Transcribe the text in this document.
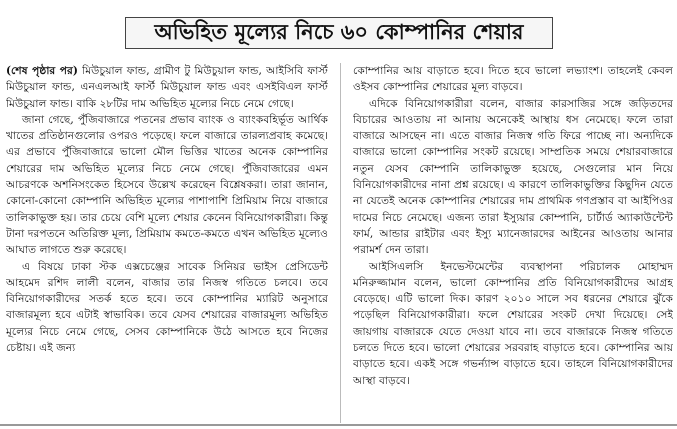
অভিহিত মূল্যের নিচে ৬০ কোম্পানির শেয়ার

(শেষ পৃষ্ঠার পর) মিউচুয়াল ফান্ড, গ্রামীণ টু মিউচুয়াল ফান্ড, আইসিবি ফার্স্ট মিউচুয়াল ফান্ড, এনএলআই ফার্স্ট মিউচুয়াল ফান্ড এবং এসইবিএল ফার্স্ট মিউচুয়াল ফান্ড। বাকি ২৮টির দাম অভিহিত মূল্যের নিচে নেমে গেছে।

জানা গেছে, পুঁজিবাজারে পতনের প্রভাব ব্যাংক ও ব্যাংকবহির্ভূত আর্থিক খাতের প্রতিষ্ঠানগুলোর ওপরও পড়েছে। ফলে বাজারে তারল্যপ্রবাহ কমেছে। এর প্রভাবে পুঁজিবাজারে ভালো মৌল ভিত্তির খাতের অনেক কোম্পানির শেয়ারের দাম অভিহিত মূল্যের নিচে নেমে গেছে। পুঁজিবাজারের এমন আচরণকে অশনিসংকেত হিসেবে উল্লেখ করেছেন বিশ্লেষকরা। তারা জানান, কোনো-কোনো কোম্পানি অভিহিত মূল্যের পাশাপাশি প্রিমিয়াম নিয়ে বাজারে তালিকাভুক্ত হয়। তার চেয়ে বেশি মূল্যে শেয়ার কেনেন বিনিয়োগকারীরা। কিন্তু টানা দরপতনে অতিরিক্ত মূল্য, প্রিমিয়াম কমতে-কমতে এখন অভিহিত মূল্যেও আঘাত লাগতে শুরু করেছে।

এ বিষয়ে ঢাকা স্টক এক্সচেঞ্জের সাবেক সিনিয়র ভাইস প্রেসিডেন্ট আহমেদ রশিদ লালী বলেন, বাজার তার নিজস্ব গতিতে চলবে। তবে বিনিয়োগকারীদের সতর্ক হতে হবে। তবে কোম্পানির ম্যারিট অনুসারে বাজারমূল্য হবে এটাই স্বাভাবিক। তবে যেসব শেয়ারের বাজারমূল্য অভিহিত মূল্যের নিচে নেমে গেছে, সেসব কোম্পানিকে উঠে আসতে হবে নিজের চেষ্টায়। এই জন্য

কোম্পানির আয় বাড়াতে হবে। দিতে হবে ভালো লভ্যাংশ। তাহলেই কেবল ওইসব কোম্পানির শেয়ারের মূল্য বাড়বে।

এদিকে বিনিয়োগকারীরা বলেন, বাজার কারসাজির সঙ্গে জড়িতদের বিচারের আওতায় না আনায় অনেকেই আস্থায় ধস নেমেছে। ফলে তারা বাজারে আসছেন না। এতে বাজার নিজস্ব গতি ফিরে পাচ্ছে না। অন্যদিকে বাজারে ভালো কোম্পানির সংকট রয়েছে। সাম্প্রতিক সময়ে শেয়ারবাজারে নতুন যেসব কোম্পানি তালিকাভুক্ত হয়েছে, সেগুলোর মান নিয়ে বিনিয়োগকারীদের নানা প্রশ্ন রয়েছে। এ কারণে তালিকাভুক্তির কিছুদিন যেতে না যেতেই অনেক কোম্পানির শেয়ারের দাম প্রাথমিক গণপ্রস্তাব বা আইপিওর দামের নিচে নেমেছে। এজন্য তারা ইস্যুয়ার কোম্পানি, চার্টার্ড অ্যাকাউন্টেন্ট ফার্ম, আন্ডার রাইটার এবং ইস্যু ম্যানেজারদের আইনের আওতায় আনার পরামর্শ দেন তারা।

আইসিএলসি ইনভেস্টমেন্টের ব্যবস্থাপনা পরিচালক মোহাম্মদ মনিরুজ্জামান বলেন, ভালো কোম্পানির প্রতি বিনিয়োগকারীদের আগ্রহ বেড়েছে। এটি ভালো দিক। কারণ ২০১০ সালে সব ধরনের শেয়ারে ঝুঁকে পড়েছিল বিনিয়োগকারীরা। ফলে শেয়ারের সংকট দেখা দিয়েছে। সেই জায়গায় বাজারকে যেতে দেওয়া যাবে না। তবে বাজারকে নিজস্ব গতিতে চলতে দিতে হবে। ভালো শেয়ারের সরবরাহ বাড়াতে হবে। কোম্পানির আয় বাড়াতে হবে। একই সঙ্গে গভর্ন্যান্স বাড়াতে হবে। তাহলে বিনিয়োগকারীদের আস্থা বাড়বে।
